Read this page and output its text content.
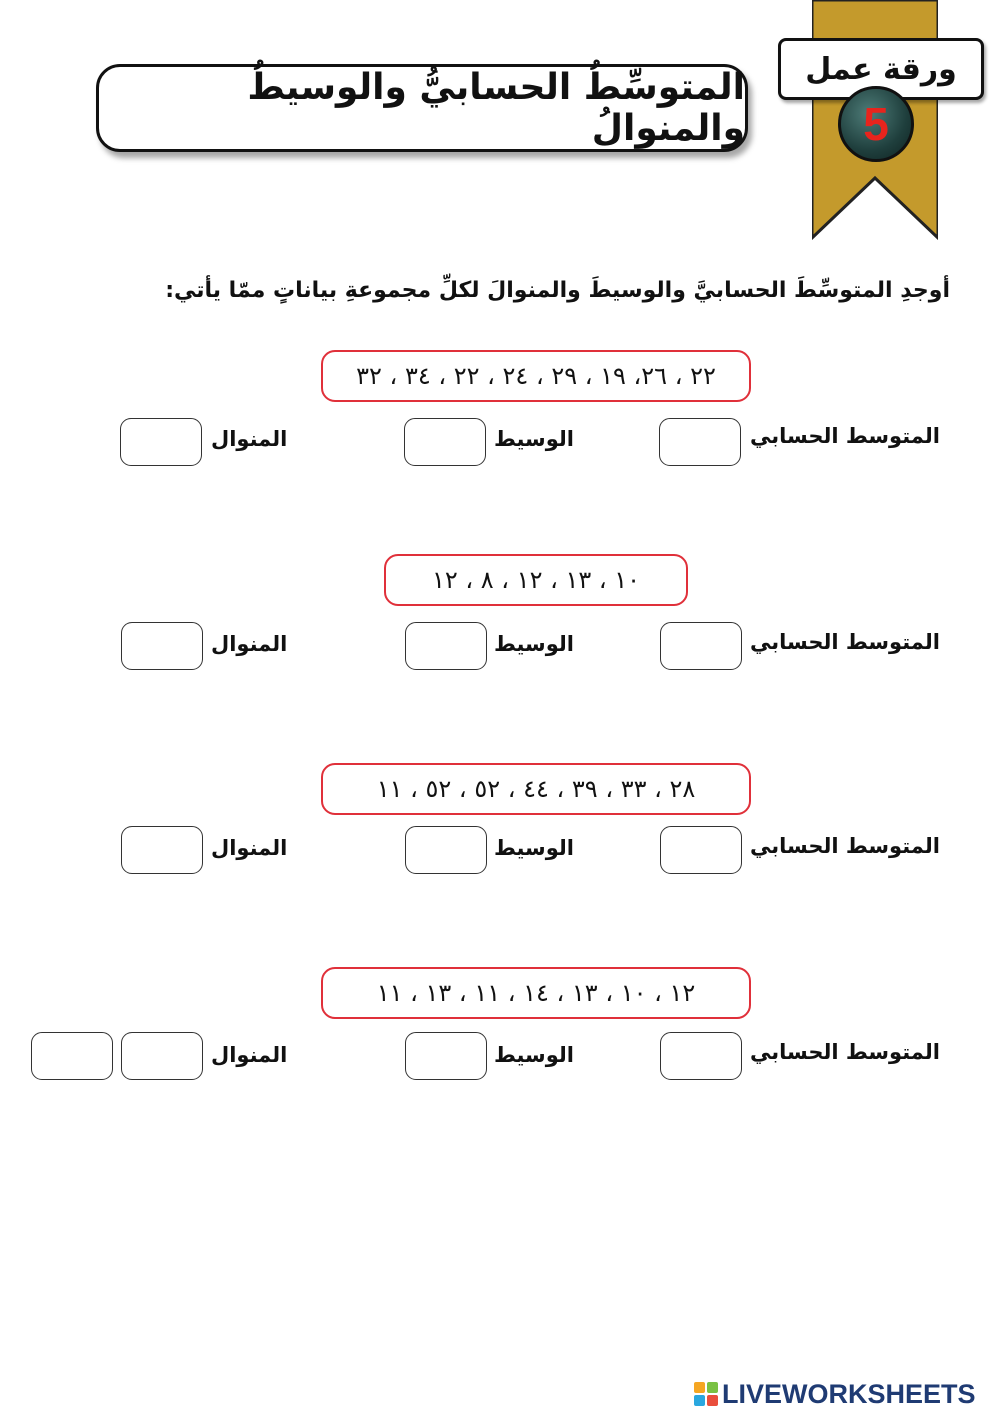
ورقة عمل
5
المتوسِّطُ الحسابيُّ والوسيطُ والمنوالُ
أوجدِ المتوسِّطَ الحسابيَّ والوسيطَ والمنوالَ لكلِّ مجموعةِ بياناتٍ ممّا يأتي:
٢٢ ، ٢٦، ١٩ ، ٢٩ ، ٢٤ ، ٢٢ ، ٣٤ ، ٣٢
المتوسط الحسابي
الوسيط
المنوال
١٠ ، ١٣ ، ١٢ ، ٨ ، ١٢
المتوسط الحسابي
الوسيط
المنوال
٢٨ ، ٣٣ ، ٣٩ ، ٤٤ ، ٥٢ ، ٥٢ ، ١١
المتوسط الحسابي
الوسيط
المنوال
١٢ ، ١٠ ، ١٣ ، ١٤ ، ١١ ، ١٣ ، ١١
المتوسط الحسابي
الوسيط
المنوال
LIVEWORKSHEETS
